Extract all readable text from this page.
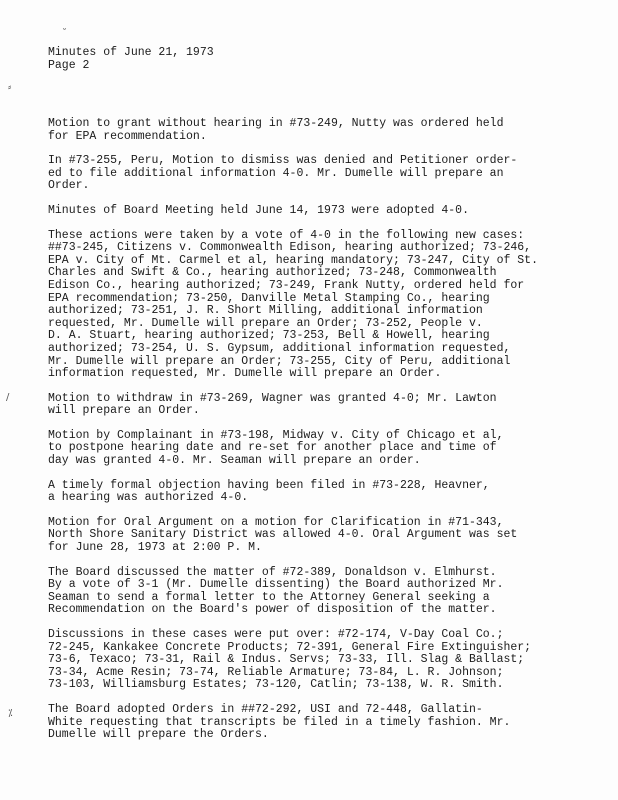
˘
⸗
/
⁒
Minutes of June 21, 1973
Page 2
Motion to grant without hearing in #73-249, Nutty was ordered held
for EPA recommendation.
In #73-255, Peru, Motion to dismiss was denied and Petitioner order-
ed to file additional information 4-0. Mr. Dumelle will prepare an
Order.
Minutes of Board Meeting held June 14, 1973 were adopted 4-0.
These actions were taken by a vote of 4-0 in the following new cases:
##73-245, Citizens v. Commonwealth Edison, hearing authorized; 73-246,
EPA v. City of Mt. Carmel et al, hearing mandatory; 73-247, City of St.
Charles and Swift & Co., hearing authorized; 73-248, Commonwealth
Edison Co., hearing authorized; 73-249, Frank Nutty, ordered held for
EPA recommendation; 73-250, Danville Metal Stamping Co., hearing
authorized; 73-251, J. R. Short Milling, additional information
requested, Mr. Dumelle will prepare an Order; 73-252, People v.
D. A. Stuart, hearing authorized; 73-253, Bell & Howell, hearing
authorized; 73-254, U. S. Gypsum, additional information requested,
Mr. Dumelle will prepare an Order; 73-255, City of Peru, additional
information requested, Mr. Dumelle will prepare an Order.
Motion to withdraw in #73-269, Wagner was granted 4-0; Mr. Lawton
will prepare an Order.
Motion by Complainant in #73-198, Midway v. City of Chicago et al,
to postpone hearing date and re-set for another place and time of
day was granted 4-0. Mr. Seaman will prepare an order.
A timely formal objection having been filed in #73-228, Heavner,
a hearing was authorized 4-0.
Motion for Oral Argument on a motion for Clarification in #71-343,
North Shore Sanitary District was allowed 4-0. Oral Argument was set
for June 28, 1973 at 2:00 P. M.
The Board discussed the matter of #72-389, Donaldson v. Elmhurst.
By a vote of 3-1 (Mr. Dumelle dissenting) the Board authorized Mr.
Seaman to send a formal letter to the Attorney General seeking a
Recommendation on the Board's power of disposition of the matter.
Discussions in these cases were put over: #72-174, V-Day Coal Co.;
72-245, Kankakee Concrete Products; 72-391, General Fire Extinguisher;
73-6, Texaco; 73-31, Rail & Indus. Servs; 73-33, Ill. Slag & Ballast;
73-34, Acme Resin; 73-74, Reliable Armature; 73-84, L. R. Johnson;
73-103, Williamsburg Estates; 73-120, Catlin; 73-138, W. R. Smith.
The Board adopted Orders in ##72-292, USI and 72-448, Gallatin-
White requesting that transcripts be filed in a timely fashion. Mr.
Dumelle will prepare the Orders.
